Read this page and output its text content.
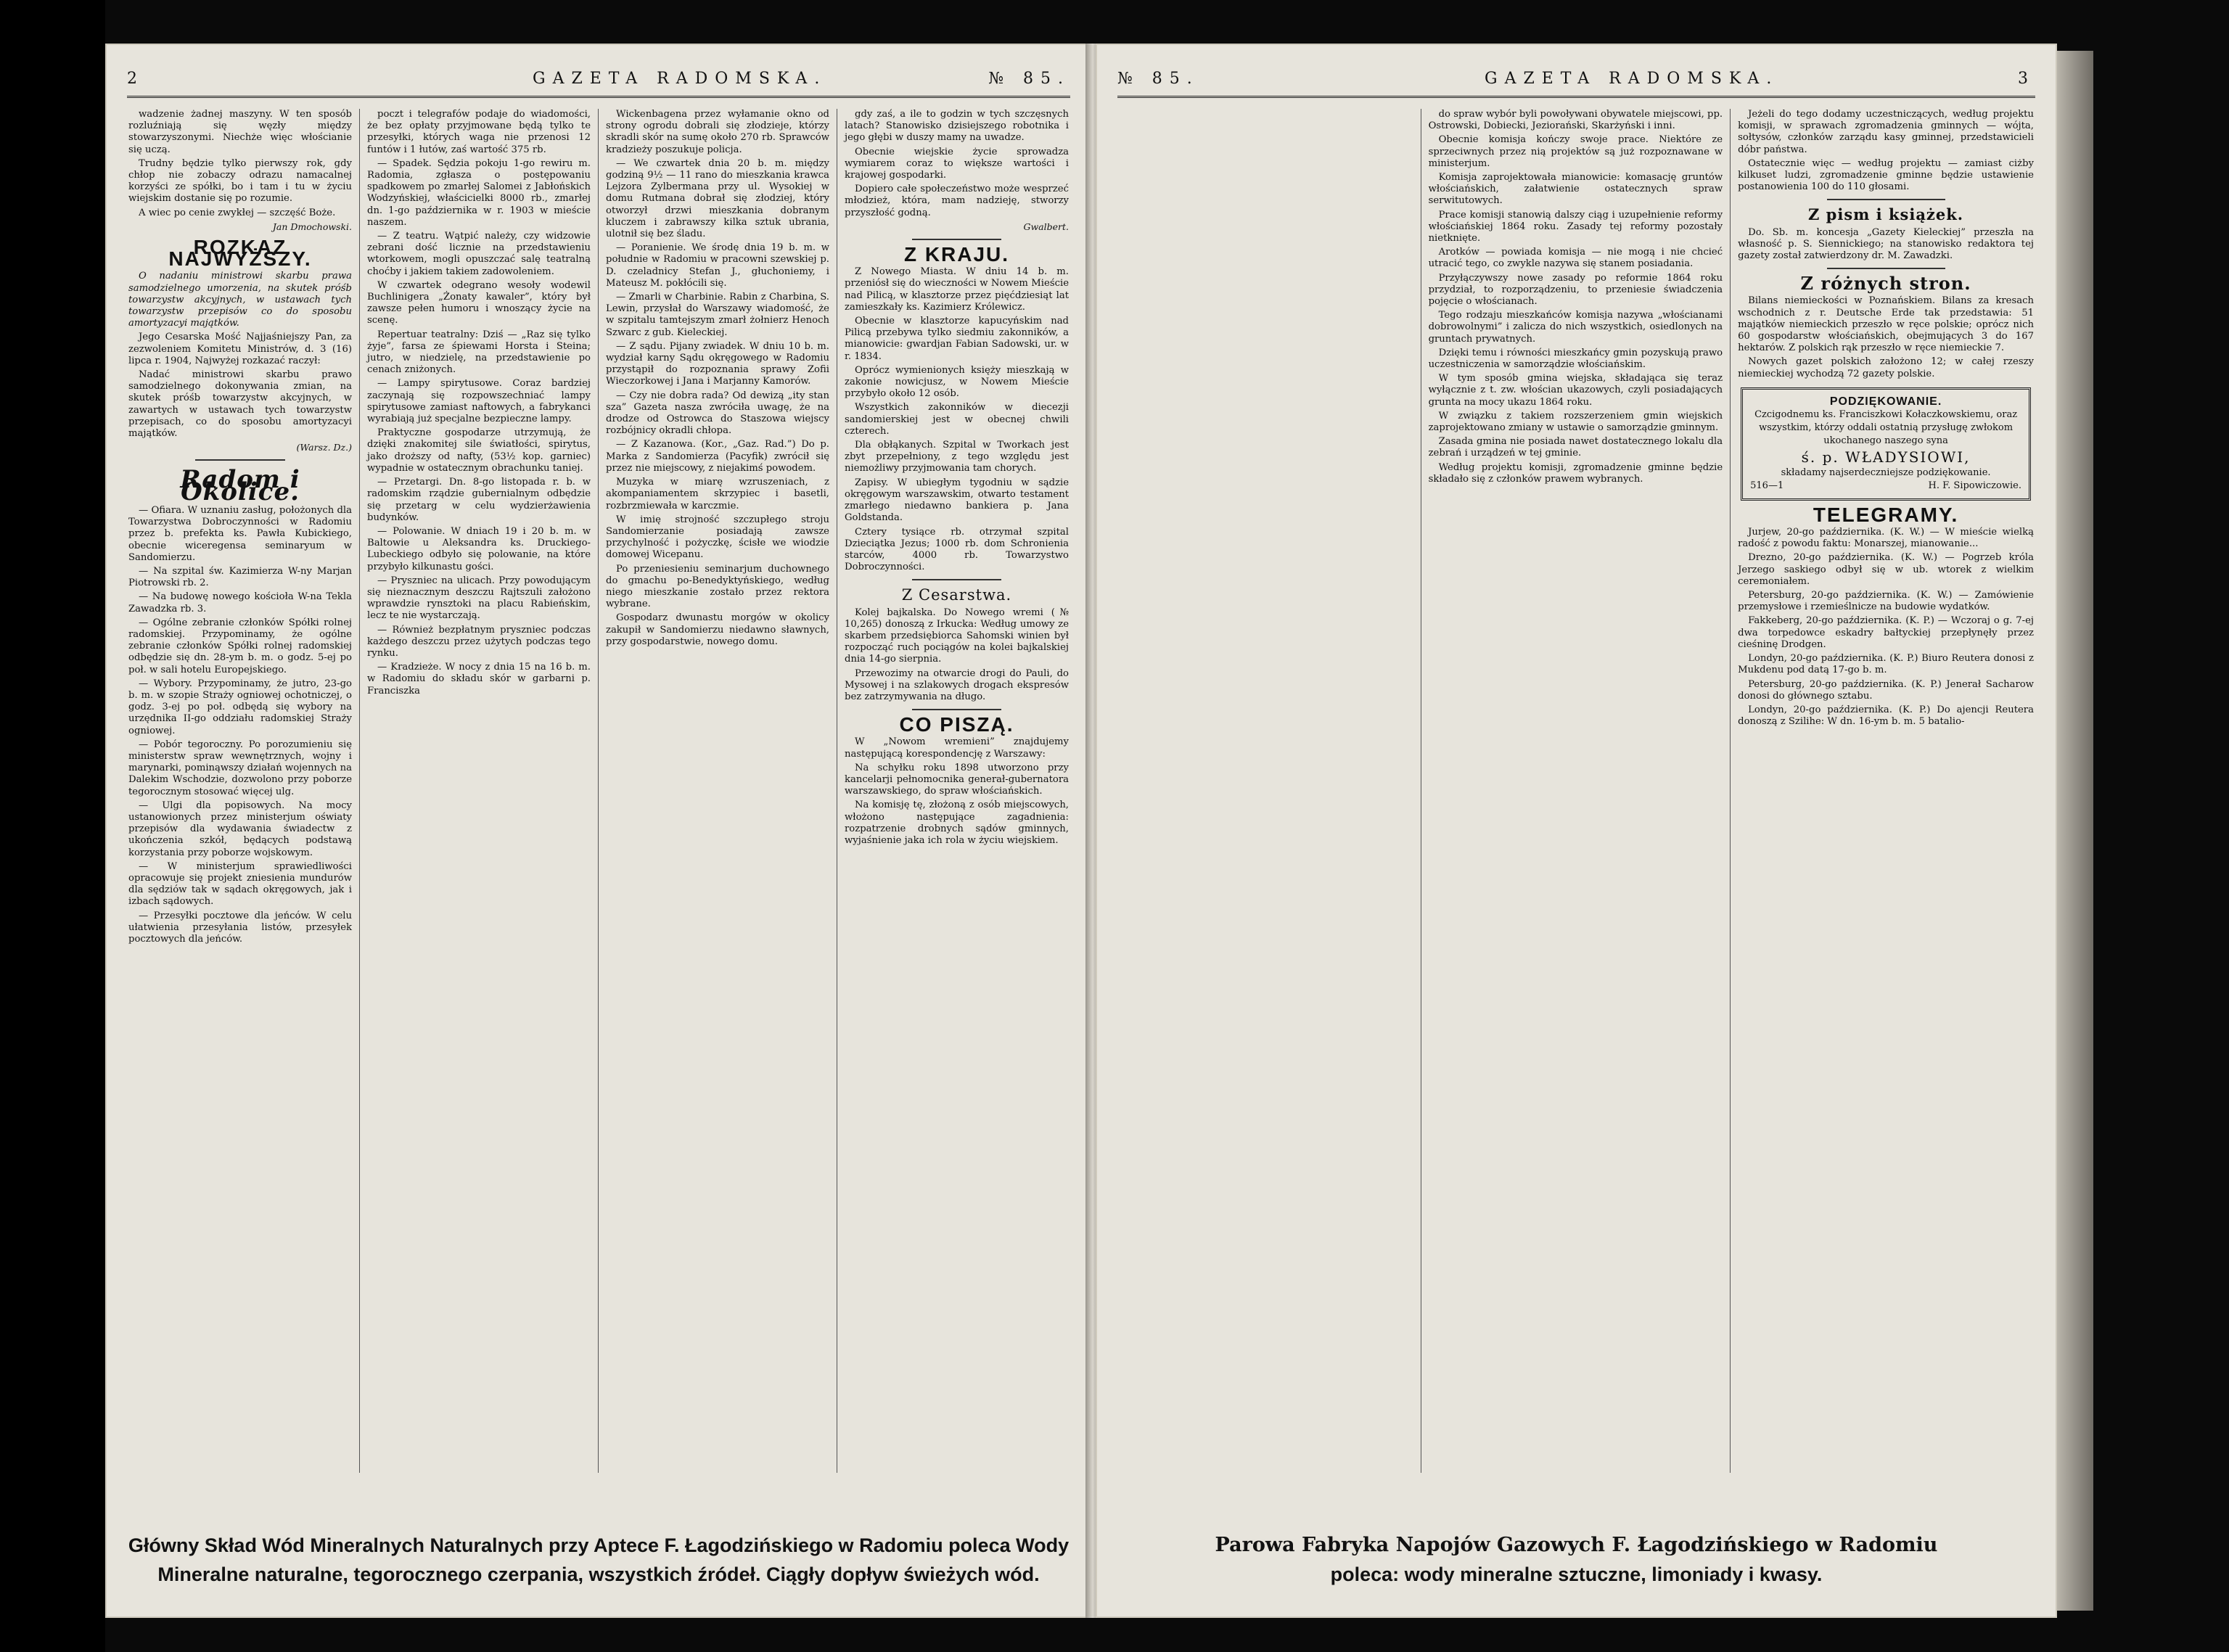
2	GAZETA RADOMSKA.	№ 85.

wadzenie żadnej maszyny. W ten sposób rozluźniają się węzły między stowarzyszonymi. Niechże więc włościanie się uczą.

Trudny będzie tylko pierwszy rok, gdy chłop nie zobaczy odrazu namacalnej korzyści ze spółki, bo i tam i tu w życiu wiejskim dostanie się po rozumie.

A wiec po cenie zwykłej — szczęść Boże.

Jan Dmochowski.
ROZKAZ NAJWYŻSZY.

O nadaniu ministrowi skarbu prawa samodzielnego umorzenia, na skutek próśb towarzystw akcyjnych, w ustawach tych towarzystw przepisów co do sposobu amortyzacyi majątków.

Jego Cesarska Mość Najjaśniejszy Pan, za zezwoleniem Komitetu Ministrów, d. 3 (16) lipca r. 1904, Najwyżej rozkazać raczył:

Nadać ministrowi skarbu prawo samodzielnego dokonywania zmian, na skutek próśb towarzystw akcyjnych, w zawartych w ustawach tych towarzystw przepisach, co do sposobu amortyzacyi majątków.

(Warsz. Dz.)
Radom i Okolice.

— Ofiara. W uznaniu zasług, położonych dla Towarzystwa Dobroczynności w Radomiu przez b. prefekta ks. Pawła Kubickiego, obecnie wiceregensa seminaryum w Sandomierzu.

— Na szpital św. Kazimierza W-ny Marjan Piotrowski rb. 2.

— Na budowę nowego kościoła W-na Tekla Zawadzka rb. 3.

— Ogólne zebranie członków Spółki rolnej radomskiej. Przypominamy, że ogólne zebranie członków Spółki rolnej radomskiej odbędzie się dn. 28-ym b. m. o godz. 5-ej po poł. w sali hotelu Europejskiego.

— Wybory. Przypominamy, że jutro, 23-go b. m. w szopie Straży ogniowej ochotniczej, o godz. 3-ej po poł. odbędą się wybory na urzędnika II-go oddziału radomskiej Straży ogniowej.

— Pobór tegoroczny. Po porozumieniu się ministerstw spraw wewnętrznych, wojny i marynarki, pominąwszy działań wojennych na Dalekim Wschodzie, dozwolono przy poborze tegorocznym stosować więcej ulg.

— Ulgi dla popisowych. Na mocy ustanowionych przez ministerjum oświaty przepisów dla wydawania świadectw z ukończenia szkół, będących podstawą korzystania przy poborze wojskowym.

— W ministerjum sprawiedliwości opracowuje się projekt zniesienia mundurów dla sędziów tak w sądach okręgowych, jak i izbach sądowych.

— Przesyłki pocztowe dla jeńców. W celu ułatwienia przesyłania listów, przesyłek pocztowych dla jeńców.

poczt i telegrafów podaje do wiadomości, że bez opłaty przyjmowane będą tylko te przesyłki, których waga nie przenosi 12 funtów i 1 łutów, zaś wartość 375 rb.

— Spadek. Sędzia pokoju 1-go rewiru m. Radomia, zgłasza o postępowaniu spadkowem po zmarłej Salomei z Jabłońskich Wodzyńskiej, właścicielki 8000 rb., zmarłej dn. 1-go października w r. 1903 w mieście naszem.

— Z teatru. Wątpić należy, czy widzowie zebrani dość licznie na przedstawieniu wtorkowem, mogli opuszczać salę teatralną choćby i jakiem takiem zadowoleniem.

W czwartek odegrano wesoły wodewil Buchlinigera „Żonaty kawaler”, który był zawsze pełen humoru i wnoszący życie na scenę.

Repertuar teatralny: Dziś — „Raz się tylko żyje”, farsa ze śpiewami Horsta i Steina; jutro, w niedzielę, na przedstawienie po cenach zniżonych.

— Lampy spirytusowe. Coraz bardziej zaczynają się rozpowszechniać lampy spirytusowe zamiast naftowych, a fabrykanci wyrabiają już specjalne bezpieczne lampy.

Praktyczne gospodarze utrzymują, że dzięki znakomitej sile światłości, spirytus, jako droższy od nafty, (53½ kop. garniec) wypadnie w ostatecznym obrachunku taniej.

— Przetargi. Dn. 8-go listopada r. b. w radomskim rządzie gubernialnym odbędzie się przetarg w celu wydzierżawienia budynków.

— Polowanie. W dniach 19 i 20 b. m. w Baltowie u Aleksandra ks. Druckiego-Lubeckiego odbyło się polowanie, na które przybyło kilkunastu gości.

— Pryszniec na ulicach. Przy powodującym się nieznacznym deszczu Rajtszuli założono wprawdzie rynsztoki na placu Rabieńskim, lecz te nie wystarczają.

— Również bezpłatnym pryszniec podczas każdego deszczu przez użytych podczas tego rynku.

— Kradzieże. W nocy z dnia 15 na 16 b. m. w Radomiu do składu skór w garbarni p. Franciszka

Wickenbagena przez wyłamanie okno od strony ogrodu dobrali się złodzieje, którzy skradli skór na sumę około 270 rb. Sprawców kradzieży poszukuje policja.

— We czwartek dnia 20 b. m. między godziną 9½ — 11 rano do mieszkania krawca Lejzora Zylbermana przy ul. Wysokiej w domu Rutmana dobrał się złodziej, który otworzył drzwi mieszkania dobranym kluczem i zabrawszy kilka sztuk ubrania, ulotnił się bez śladu.

— Poranienie. We środę dnia 19 b. m. w południe w Radomiu w pracowni szewskiej p. D. czeladnicy Stefan J., głuchoniemy, i Mateusz M. pokłócili się.

— Zmarli w Charbinie. Rabin z Charbina, S. Lewin, przysłał do Warszawy wiadomość, że w szpitalu tamtejszym zmarł żołnierz Henoch Szwarc z gub. Kieleckiej.

— Z sądu. Pijany zwiadek. W dniu 10 b. m. wydział karny Sądu okręgowego w Radomiu przystąpił do rozpoznania sprawy Zofii Wieczorkowej i Jana i Marjanny Kamorów.

— Czy nie dobra rada? Od dewizą „ity stan sza” Gazeta nasza zwróciła uwagę, że na drodze od Ostrowca do Staszowa wiejscy rozbójnicy okradli chłopa.

— Z Kazanowa. (Kor., „Gaz. Rad.”) Do p. Marka z Sandomierza (Pacyfik) zwrócił się przez nie miejscowy, z niejakimś powodem.

Muzyka w miarę wzruszeniach, z akompaniamentem skrzypiec i basetli, rozbrzmiewała w karczmie.

W imię strojność szczupłego stroju Sandomierzanie posiadają zawsze przychylność i pożyczkę, ścisłe we wiodzie domowej Wicepanu.

Po przeniesieniu seminarjum duchownego do gmachu po-Benedyktyńskiego, według niego mieszkanie zostało przez rektora wybrane.

Gospodarz dwunastu morgów w okolicy zakupił w Sandomierzu niedawno sławnych, przy gospodarstwie, nowego domu.

gdy zaś, a ile to godzin w tych szczęsnych latach? Stanowisko dzisiejszego robotnika i jego głębi w duszy mamy na uwadze.

Obecnie wiejskie życie sprowadza wymiarem coraz to większe wartości i krajowej gospodarki.

Dopiero całe społeczeństwo może wesprzeć młodzież, która, mam nadzieję, stworzy przyszłość godną.

Gwalbert.
Z KRAJU.

Z Nowego Miasta. W dniu 14 b. m. przeniósł się do wieczności w Nowem Mieście nad Pilicą, w klasztorze przez pięćdziesiąt lat zamieszkały ks. Kazimierz Królewicz.

Obecnie w klasztorze kapucyńskim nad Pilicą przebywa tylko siedmiu zakonników, a mianowicie: gwardjan Fabian Sadowski, ur. w r. 1834.

Oprócz wymienionych księży mieszkają w zakonie nowicjusz, w Nowem Mieście przybyło około 12 osób.

Wszystkich zakonników w diecezji sandomierskiej jest w obecnej chwili czterech.

Dla obłąkanych. Szpital w Tworkach jest zbyt przepełniony, z tego względu jest niemożliwy przyjmowania tam chorych.

Zapisy. W ubiegłym tygodniu w sądzie okręgowym warszawskim, otwarto testament zmarłego niedawno bankiera p. Jana Goldstanda.

Cztery tysiące rb. otrzymał szpital Dzieciątka Jezus; 1000 rb. dom Schronienia starców, 4000 rb. Towarzystwo Dobroczynności.

Z Cesarstwa.

Kolej bajkalska. Do Nowego wremi (№ 10,265) donoszą z Irkucka: Według umowy ze skarbem przedsiębiorca Sahomski winien był rozpocząć ruch pociągów na kolei bajkalskiej dnia 14-go sierpnia.

Przewozimy na otwarcie drogi do Pauli, do Mysowej i na szlakowych drogach ekspresów bez zatrzymywania na długo.

CO PISZĄ.

W „Nowom wremieni” znajdujemy następującą korespondencję z Warszawy:

Na schyłku roku 1898 utworzono przy kancelarji pełnomocnika generał-gubernatora warszawskiego, do spraw włościańskich.

Na komisję tę, złożoną z osób miejscowych, włożono następujące zagadnienia: rozpatrzenie drobnych sądów gminnych, wyjaśnienie jaka ich rola w życiu wiejskiem.

Główny Skład Wód Mineralnych Naturalnych przy Aptece F. Łagodzińskiego w Radomiu poleca Wody
Mineralne naturalne, tegorocznego czerpania, wszystkich źródeł. Ciągły dopływ świeżych wód.
№ 85.	GAZETA RADOMSKA.	3

do spraw wybór byli powoływani obywatele miejscowi, pp. Ostrowski, Dobiecki, Jeziorański, Skarżyński i inni.

Obecnie komisja kończy swoje prace. Niektóre ze sprzeciwnych przez nią projektów są już rozpoznawane w ministerjum.

Komisja zaprojektowała mianowicie: komasację gruntów włościańskich, załatwienie ostatecznych spraw serwitutowych.

Prace komisji stanowią dalszy ciąg i uzupełnienie reformy włościańskiej 1864 roku. Zasady tej reformy pozostały nietknięte.

Arotków — powiada komisja — nie mogą i nie chcieć utracić tego, co zwykle nazywa się stanem posiadania.

Przyłączywszy nowe zasady po reformie 1864 roku przydział, to rozporządzeniu, to przeniesie świadczenia pojęcie o włościanach.

Tego rodzaju mieszkańców komisja nazywa „włościanami dobrowolnymi” i zalicza do nich wszystkich, osiedlonych na gruntach prywatnych.

Dzięki temu i równości mieszkańcy gmin pozyskują prawo uczestniczenia w samorządzie włościańskim.

W tym sposób gmina wiejska, składająca się teraz wyłącznie z t. zw. włościan ukazowych, czyli posiadających grunta na mocy ukazu 1864 roku.

W związku z takiem rozszerzeniem gmin wiejskich zaprojektowano zmiany w ustawie o samorządzie gminnym.

Zasada gmina nie posiada nawet dostatecznego lokalu dla zebrań i urządzeń w tej gminie.

Według projektu komisji, zgromadzenie gminne będzie składało się z członków prawem wybranych.

Jeżeli do tego dodamy uczestniczących, według projektu komisji, w sprawach zgromadzenia gminnych — wójta, sołtysów, członków zarządu kasy gminnej, przedstawicieli dóbr państwa.

Ostatecznie więc — według projektu — zamiast ciżby kilkuset ludzi, zgromadzenie gminne będzie ustawienie postanowienia 100 do 110 głosami.

Z pism i książek.

Do. Sb. m. koncesja „Gazety Kieleckiej” przeszła na własność p. S. Siennickiego; na stanowisko redaktora tej gazety został zatwierdzony dr. M. Zawadzki.

Z różnych stron.

Bilans niemieckości w Poznańskiem. Bilans za kresach wschodnich z r. Deutsche Erde tak przedstawia: 51 majątków niemieckich przeszło w ręce polskie; oprócz nich 60 gospodarstw włościańskich, obejmujących 3 do 167 hektarów. Z polskich rąk przeszło w ręce niemieckie 7.

Nowych gazet polskich założono 12; w całej rzeszy niemieckiej wychodzą 72 gazety polskie.

PODZIĘKOWANIE.
Czcigodnemu ks. Franciszkowi Kołaczkowskiemu, oraz wszystkim, którzy oddali ostatnią przysługę zwłokom ukochanego naszego syna
ś. p. WŁADYSIOWI,
składamy najserdeczniejsze podziękowanie.
516—1	H. F. Sipowiczowie.
TELEGRAMY.

Jurjew, 20-go października. (K. W.) — W mieście wielką radość z powodu faktu: Monarszej, mianowanie...

Drezno, 20-go października. (K. W.) — Pogrzeb króla Jerzego saskiego odbył się w ub. wtorek z wielkim ceremoniałem.

Petersburg, 20-go października. (K. W.) — Zamówienie przemysłowe i rzemieślnicze na budowie wydatków.

Fakkeberg, 20-go października. (K. P.) — Wczoraj o g. 7-ej dwa torpedowce eskadry bałtyckiej przepłynęły przez cieśninę Drodgen.

Londyn, 20-go października. (K. P.) Biuro Reutera donosi z Mukdenu pod datą 17-go b. m.

Petersburg, 20-go października. (K. P.) Jenerał Sacharow donosi do głównego sztabu.

Londyn, 20-go października. (K. P.) Do ajencji Reutera donoszą z Szilihe: W dn. 16-ym b. m. 5 batalio-

Parowa Fabryka Napojów Gazowych F. Łagodzińskiego w Radomiu
poleca: wody mineralne sztuczne, limoniady i kwasy.
